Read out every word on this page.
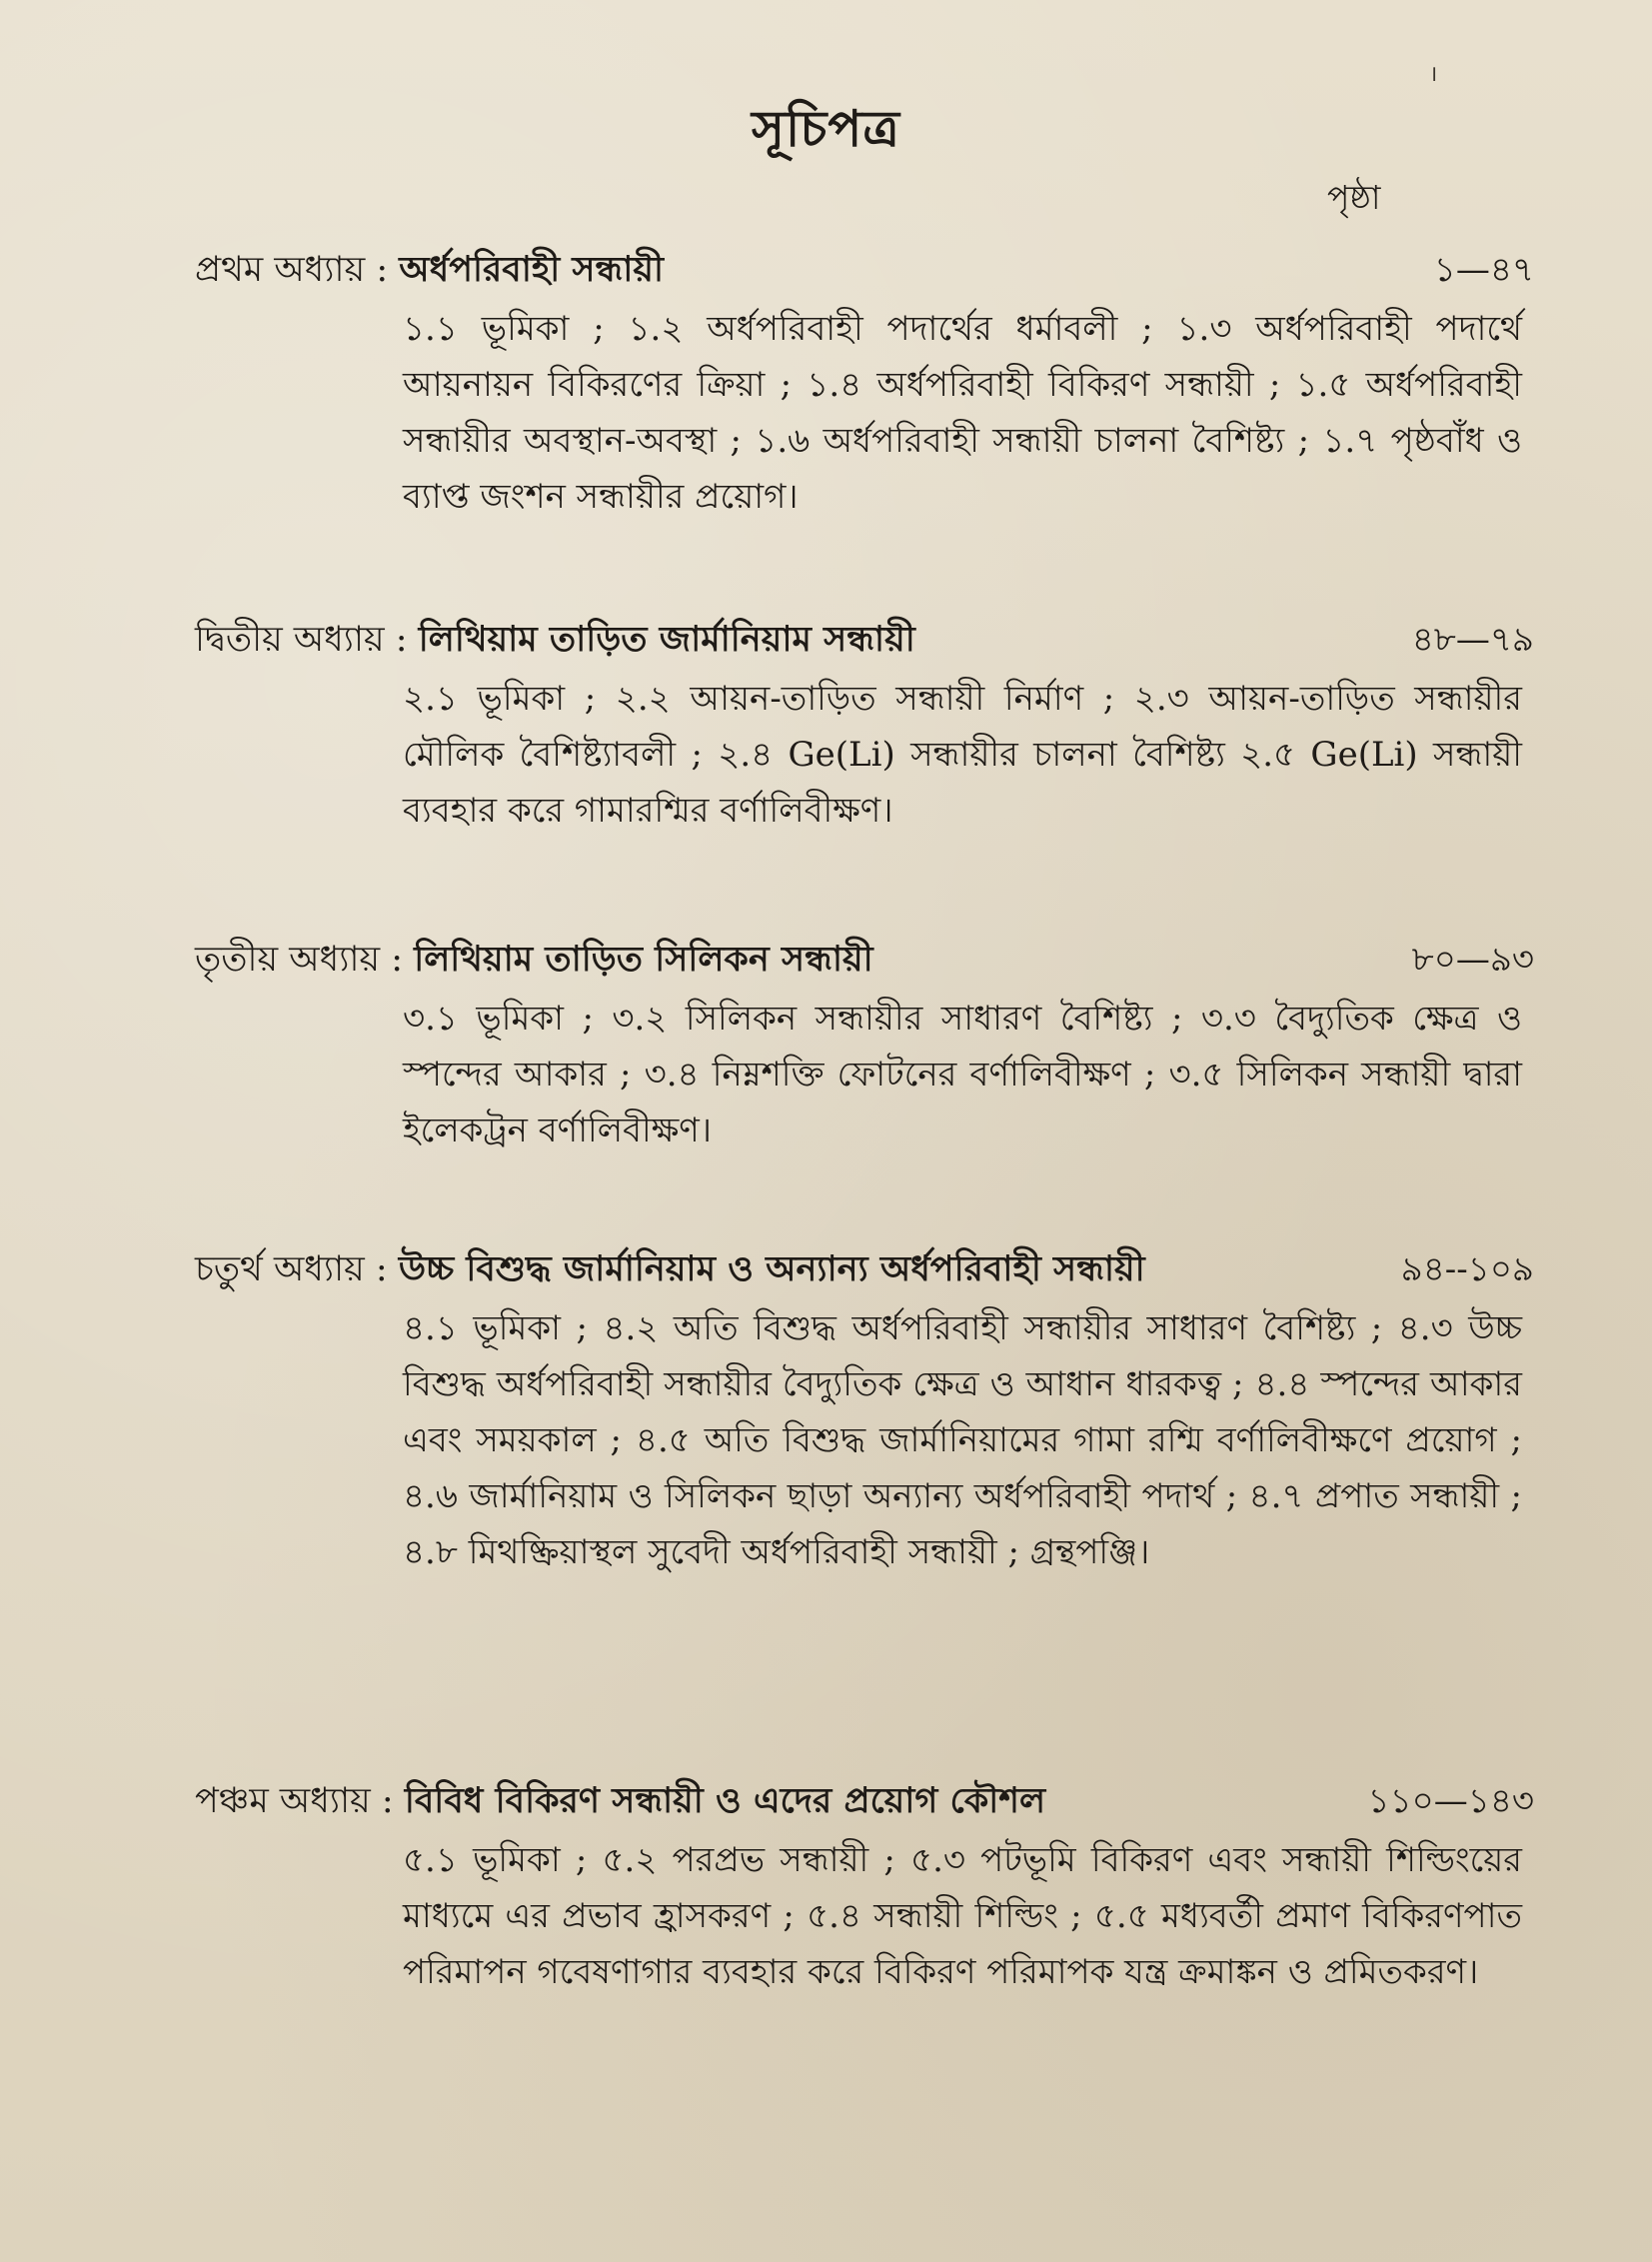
।
সূচিপত্র
পৃষ্ঠা
প্রথম অধ্যায় : অর্ধপরিবাহী সন্ধায়ী	১—৪৭
১.১ ভূমিকা ; ১.২ অর্ধপরিবাহী পদার্থের ধর্মাবলী ; ১.৩ অর্ধপরিবাহী পদার্থে আয়নায়ন বিকিরণের ক্রিয়া ; ১.৪ অর্ধপরিবাহী বিকিরণ সন্ধায়ী ; ১.৫ অর্ধপরিবাহী সন্ধায়ীর অবস্থান-অবস্থা ; ১.৬ অর্ধপরিবাহী সন্ধায়ী চালনা বৈশিষ্ট্য ; ১.৭ পৃষ্ঠবাঁধ ও ব্যাপ্ত জংশন সন্ধায়ীর প্রয়োগ।
দ্বিতীয় অধ্যায় : লিথিয়াম তাড়িত জার্মানিয়াম সন্ধায়ী	৪৮—৭৯
২.১ ভূমিকা ; ২.২ আয়ন-তাড়িত সন্ধায়ী নির্মাণ ; ২.৩ আয়ন-তাড়িত সন্ধায়ীর মৌলিক বৈশিষ্ট্যাবলী ; ২.৪ Ge(Li) সন্ধায়ীর চালনা বৈশিষ্ট্য ২.৫ Ge(Li) সন্ধায়ী ব্যবহার করে গামারশ্মির বর্ণালিবীক্ষণ।
তৃতীয় অধ্যায় : লিথিয়াম তাড়িত সিলিকন সন্ধায়ী	৮০—৯৩
৩.১ ভূমিকা ; ৩.২ সিলিকন সন্ধায়ীর সাধারণ বৈশিষ্ট্য ; ৩.৩ বৈদ্যুতিক ক্ষেত্র ও স্পন্দের আকার ; ৩.৪ নিম্নশক্তি ফোটনের বর্ণালিবীক্ষণ ; ৩.৫ সিলিকন সন্ধায়ী দ্বারা ইলেকট্রন বর্ণালিবীক্ষণ।
চতুর্থ অধ্যায় : উচ্চ বিশুদ্ধ জার্মানিয়াম ও অন্যান্য অর্ধপরিবাহী সন্ধায়ী	৯৪--১০৯
৪.১ ভূমিকা ; ৪.২ অতি বিশুদ্ধ অর্ধপরিবাহী সন্ধায়ীর সাধারণ বৈশিষ্ট্য ; ৪.৩ উচ্চ বিশুদ্ধ অর্ধপরিবাহী সন্ধায়ীর বৈদ্যুতিক ক্ষেত্র ও আধান ধারকত্ব ; ৪.৪ স্পন্দের আকার এবং সময়কাল ; ৪.৫ অতি বিশুদ্ধ জার্মানিয়ামের গামা রশ্মি বর্ণালিবীক্ষণে প্রয়োগ ; ৪.৬ জার্মানিয়াম ও সিলিকন ছাড়া অন্যান্য অর্ধপরিবাহী পদার্থ ; ৪.৭ প্রপাত সন্ধায়ী ; ৪.৮ মিথষ্ক্রিয়াস্থল সুবেদী অর্ধপরিবাহী সন্ধায়ী ; গ্রন্থপঞ্জি।
পঞ্চম অধ্যায় : বিবিধ বিকিরণ সন্ধায়ী ও এদের প্রয়োগ কৌশল	১১০—১৪৩
৫.১ ভূমিকা ; ৫.২ পরপ্রভ সন্ধায়ী ; ৫.৩ পটভূমি বিকিরণ এবং সন্ধায়ী শিল্ডিংয়ের মাধ্যমে এর প্রভাব হ্রাসকরণ ; ৫.৪ সন্ধায়ী শিল্ডিং ; ৫.৫ মধ্যবর্তী প্রমাণ বিকিরণপাত পরিমাপন গবেষণাগার ব্যবহার করে বিকিরণ পরিমাপক যন্ত্র ক্রমাঙ্কন ও প্রমিতকরণ।
